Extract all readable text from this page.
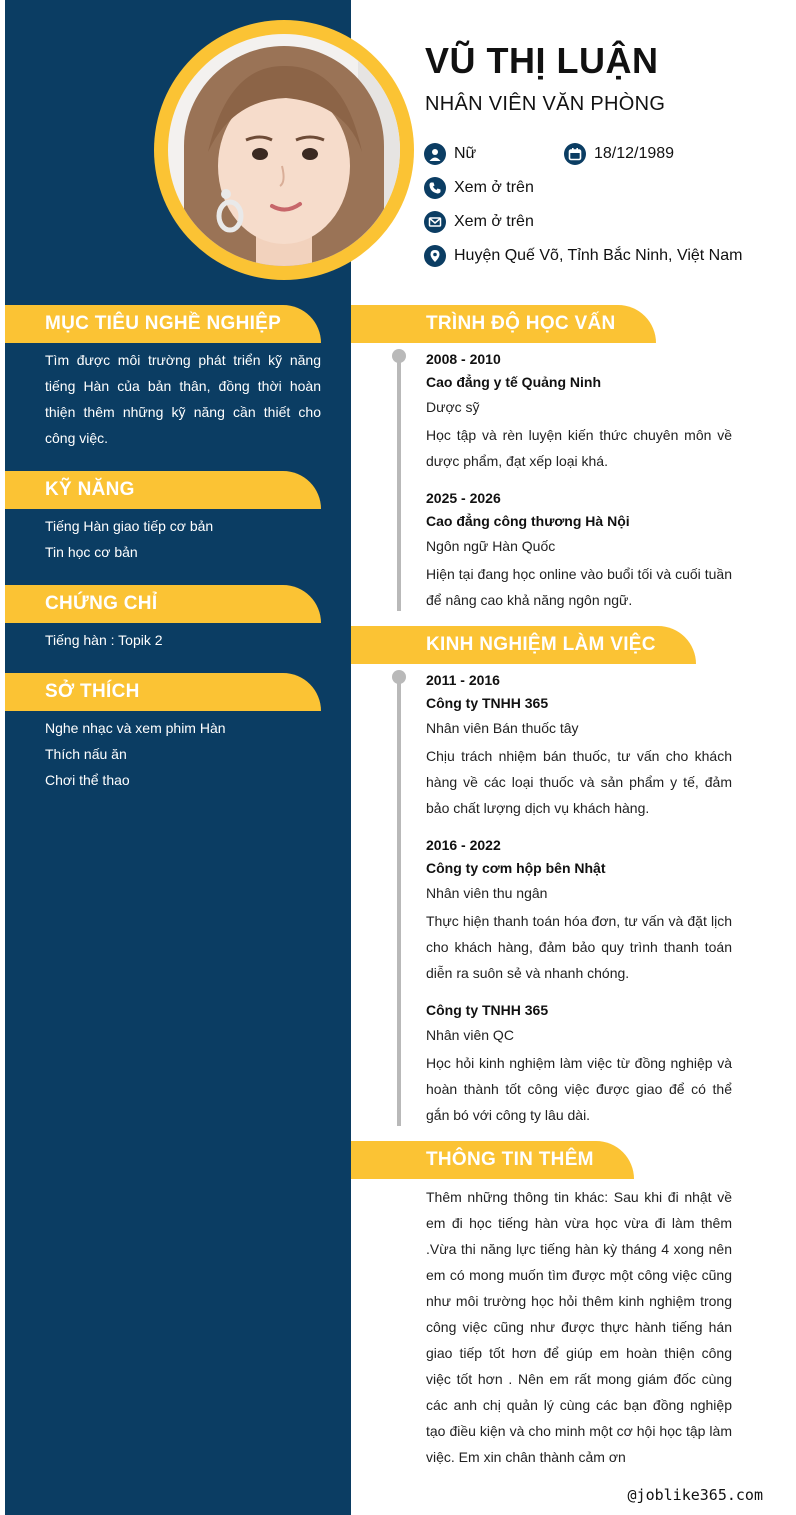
VŨ THỊ LUẬN
NHÂN VIÊN VĂN PHÒNG
Nữ	18/12/1989
Xem ở trên
Xem ở trên
Huyện Quế Võ, Tỉnh Bắc Ninh, Việt Nam
MỤC TIÊU NGHỀ NGHIỆP
Tìm được môi trường phát triển kỹ năng tiếng Hàn của bản thân, đồng thời hoàn thiện thêm những kỹ năng cần thiết cho công việc.
KỸ NĂNG
Tiếng Hàn giao tiếp cơ bản
Tin học cơ bản
CHỨNG CHỈ
Tiếng hàn : Topik 2
SỞ THÍCH
Nghe nhạc và xem phim Hàn
Thích nấu ăn
Chơi thể thao
TRÌNH ĐỘ HỌC VẤN
2008 - 2010
Cao đẳng y tế Quảng Ninh
Dược sỹ
Học tập và rèn luyện kiến thức chuyên môn về dược phẩm, đạt xếp loại khá.
2025 - 2026
Cao đẳng công thương Hà Nội
Ngôn ngữ Hàn Quốc
Hiện tại đang học online vào buổi tối và cuối tuần để nâng cao khả năng ngôn ngữ.
KINH NGHIỆM LÀM VIỆC
2011 - 2016
Công ty TNHH 365
Nhân viên Bán thuốc tây
Chịu trách nhiệm bán thuốc, tư vấn cho khách hàng về các loại thuốc và sản phẩm y tế, đảm bảo chất lượng dịch vụ khách hàng.
2016 - 2022
Công ty cơm hộp bên Nhật
Nhân viên thu ngân
Thực hiện thanh toán hóa đơn, tư vấn và đặt lịch cho khách hàng, đảm bảo quy trình thanh toán diễn ra suôn sẻ và nhanh chóng.
Công ty TNHH 365
Nhân viên QC
Học hỏi kinh nghiệm làm việc từ đồng nghiệp và hoàn thành tốt công việc được giao để có thể gắn bó với công ty lâu dài.
THÔNG TIN THÊM
Thêm những thông tin khác: Sau khi đi nhật về em đi học tiếng hàn vừa học vừa đi làm thêm .Vừa thi năng lực tiếng hàn kỳ tháng 4 xong nên em có mong muốn tìm được một công việc cũng như môi trường học hỏi thêm kinh nghiệm trong công việc cũng như được thực hành tiếng hán giao tiếp tốt hơn để giúp em hoàn thiện công việc tốt hơn . Nên em rất mong giám đốc cùng các anh chị quản lý cùng các bạn đồng nghiệp tạo điều kiện và cho minh một cơ hội học tập làm việc. Em xin chân thành cảm ơn
@joblike365.com
